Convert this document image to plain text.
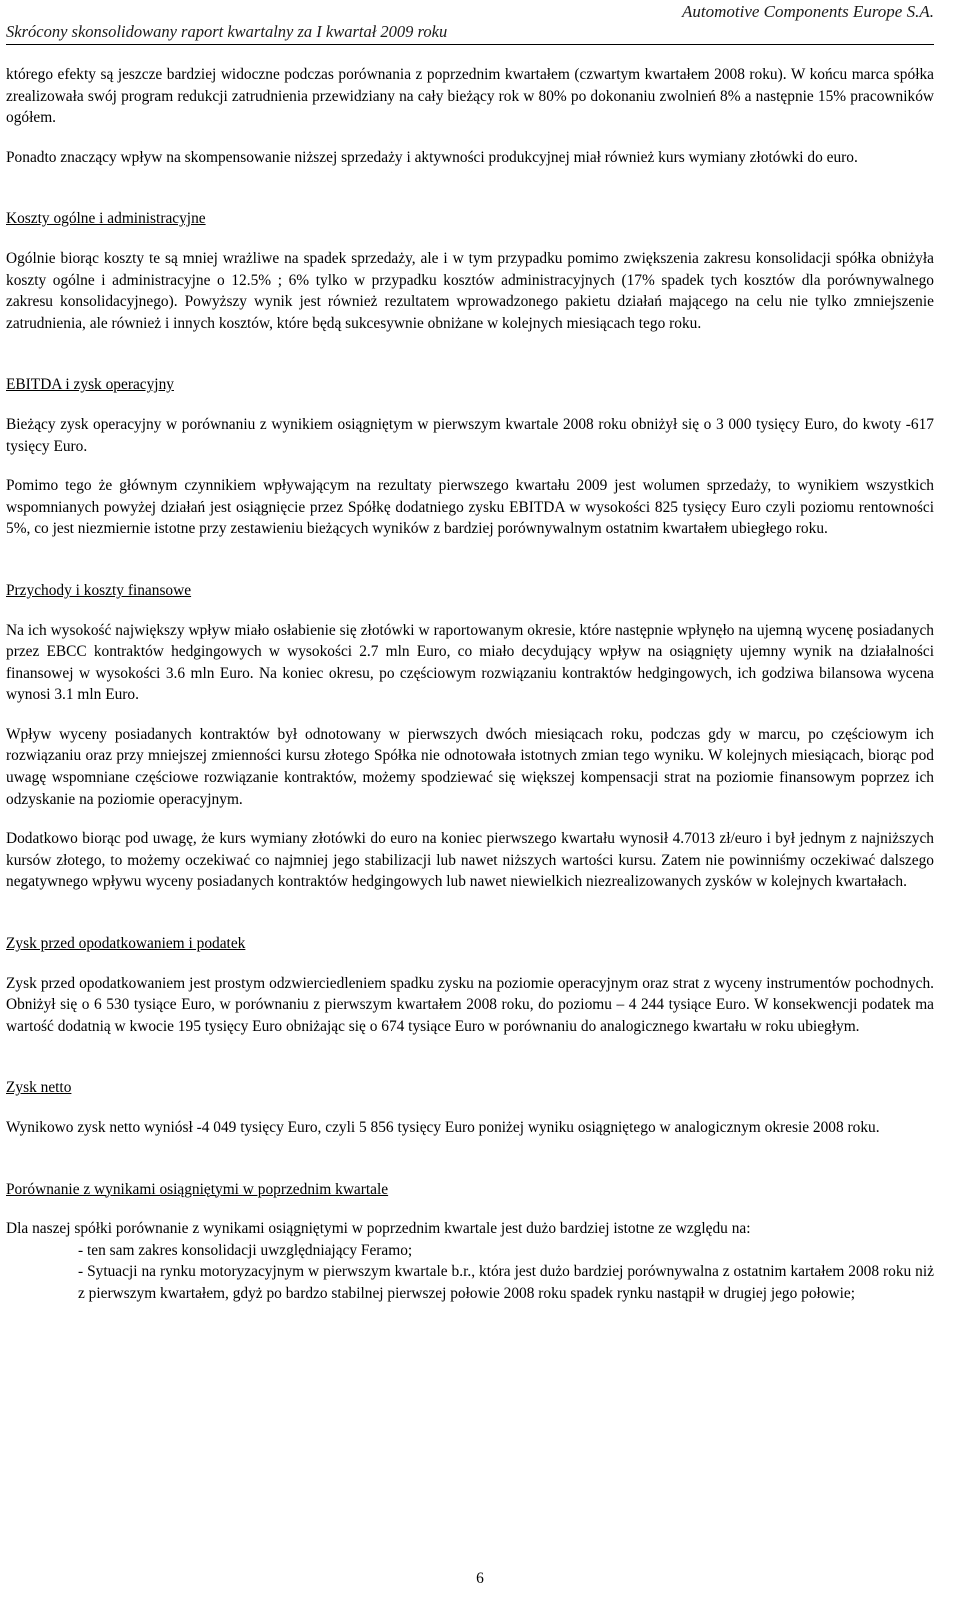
Skrócony skonsolidowany raport kwartalny za I kwartał 2009 roku
Automotive Components Europe S.A.

którego efekty są jeszcze bardziej widoczne podczas porównania z poprzednim kwartałem (czwartym kwartałem 2008 roku). W końcu marca spółka zrealizowała swój program redukcji zatrudnienia przewidziany na cały bieżący rok w 80% po dokonaniu zwolnień 8% a następnie 15% pracowników ogółem.

Ponadto znaczący wpływ na skompensowanie niższej sprzedaży i aktywności produkcyjnej miał również kurs wymiany złotówki do euro.

Koszty ogólne i administracyjne

Ogólnie biorąc koszty te są mniej wrażliwe na spadek sprzedaży, ale i w tym przypadku pomimo zwiększenia zakresu konsolidacji spółka obniżyła koszty ogólne i administracyjne o 12.5% ; 6% tylko w przypadku kosztów administracyjnych (17% spadek tych kosztów dla porównywalnego zakresu konsolidacyjnego). Powyższy wynik jest również rezultatem wprowadzonego pakietu działań mającego na celu nie tylko zmniejszenie zatrudnienia, ale również i innych kosztów, które będą sukcesywnie obniżane w kolejnych miesiącach tego roku.

EBITDA i zysk operacyjny

Bieżący zysk operacyjny w porównaniu z wynikiem osiągniętym w pierwszym kwartale 2008 roku obniżył się o 3 000 tysięcy Euro, do kwoty -617 tysięcy Euro.

Pomimo tego że głównym czynnikiem wpływającym na rezultaty pierwszego kwartału 2009 jest wolumen sprzedaży, to wynikiem wszystkich wspomnianych powyżej działań jest osiągnięcie przez Spółkę dodatniego zysku EBITDA w wysokości 825 tysięcy Euro czyli poziomu rentowności 5%, co jest niezmiernie istotne przy zestawieniu bieżących wyników z bardziej porównywalnym ostatnim kwartałem ubiegłego roku.

Przychody i koszty finansowe

Na ich wysokość największy wpływ miało osłabienie się złotówki w raportowanym okresie, które następnie wpłynęło na ujemną wycenę posiadanych przez EBCC kontraktów hedgingowych w wysokości 2.7 mln Euro, co miało decydujący wpływ na osiągnięty ujemny wynik na działalności finansowej w wysokości 3.6 mln Euro. Na koniec okresu, po częściowym rozwiązaniu kontraktów hedgingowych, ich godziwa bilansowa wycena wynosi 3.1 mln Euro.

Wpływ wyceny posiadanych kontraktów był odnotowany w pierwszych dwóch miesiącach roku, podczas gdy w marcu, po częściowym ich rozwiązaniu oraz przy mniejszej zmienności kursu złotego Spółka nie odnotowała istotnych zmian tego wyniku. W kolejnych miesiącach, biorąc pod uwagę wspomniane częściowe rozwiązanie kontraktów, możemy spodziewać się większej kompensacji strat na poziomie finansowym poprzez ich odzyskanie na poziomie operacyjnym.

Dodatkowo biorąc pod uwagę, że kurs wymiany złotówki do euro na koniec pierwszego kwartału wynosił 4.7013 zł/euro i był jednym z najniższych kursów złotego, to możemy oczekiwać co najmniej jego stabilizacji lub nawet niższych wartości kursu. Zatem nie powinniśmy oczekiwać dalszego negatywnego wpływu wyceny posiadanych kontraktów hedgingowych lub nawet niewielkich niezrealizowanych zysków w kolejnych kwartałach.

Zysk przed opodatkowaniem i podatek

Zysk przed opodatkowaniem jest prostym odzwierciedleniem spadku zysku na poziomie operacyjnym oraz strat z wyceny instrumentów pochodnych. Obniżył się o 6 530 tysiące Euro, w porównaniu z pierwszym kwartałem 2008 roku, do poziomu – 4 244 tysiące Euro. W konsekwencji podatek ma wartość dodatnią w kwocie 195 tysięcy Euro obniżając się o 674 tysiące Euro w porównaniu do analogicznego kwartału w roku ubiegłym.

Zysk netto

Wynikowo zysk netto wyniósł -4 049 tysięcy Euro, czyli 5 856 tysięcy Euro poniżej wyniku osiągniętego w analogicznym okresie 2008 roku.

Porównanie z wynikami osiągniętymi w poprzednim kwartale

Dla naszej spółki porównanie z wynikami osiągniętymi w poprzednim kwartale jest dużo bardziej istotne ze względu na:

- ten sam zakres konsolidacji uwzględniający Feramo;
- Sytuacji na rynku motoryzacyjnym w pierwszym kwartale b.r., która jest dużo bardziej porównywalna z ostatnim kartałem 2008 roku niż z pierwszym kwartałem, gdyż po bardzo stabilnej pierwszej połowie 2008 roku spadek rynku nastąpił w drugiej jego połowie;
6
